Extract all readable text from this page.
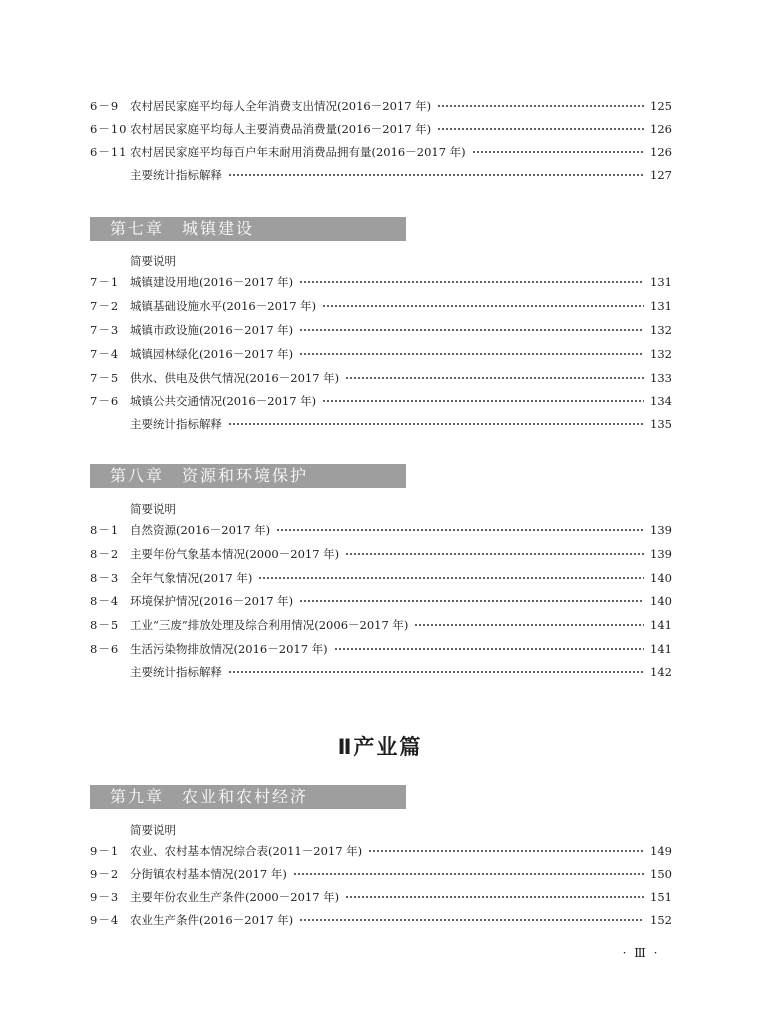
6－9 农村居民家庭平均每人全年消费支出情况(2016－2017 年)	125
6－10 农村居民家庭平均每人主要消费品消费量(2016－2017 年)	126
6－11 农村居民家庭平均每百户年末耐用消费品拥有量(2016－2017 年)	126
主要统计指标解释	127
第七章　城镇建设
简要说明
7－1 城镇建设用地(2016－2017 年)	131
7－2 城镇基础设施水平(2016－2017 年)	131
7－3 城镇市政设施(2016－2017 年)	132
7－4 城镇园林绿化(2016－2017 年)	132
7－5 供水、供电及供气情况(2016－2017 年)	133
7－6 城镇公共交通情况(2016－2017 年)	134
主要统计指标解释	135
第八章　资源和环境保护
简要说明
8－1 自然资源(2016－2017 年)	139
8－2 主要年份气象基本情况(2000－2017 年)	139
8－3 全年气象情况(2017 年)	140
8－4 环境保护情况(2016－2017 年)	140
8－5 工业“三废”排放处理及综合利用情况(2006－2017 年)	141
8－6 生活污染物排放情况(2016－2017 年)	141
主要统计指标解释	142
Ⅱ产业篇
第九章　农业和农村经济
简要说明
9－1 农业、农村基本情况综合表(2011－2017 年)	149
9－2 分街镇农村基本情况(2017 年)	150
9－3 主要年份农业生产条件(2000－2017 年)	151
9－4 农业生产条件(2016－2017 年)	152
· Ⅲ ·
